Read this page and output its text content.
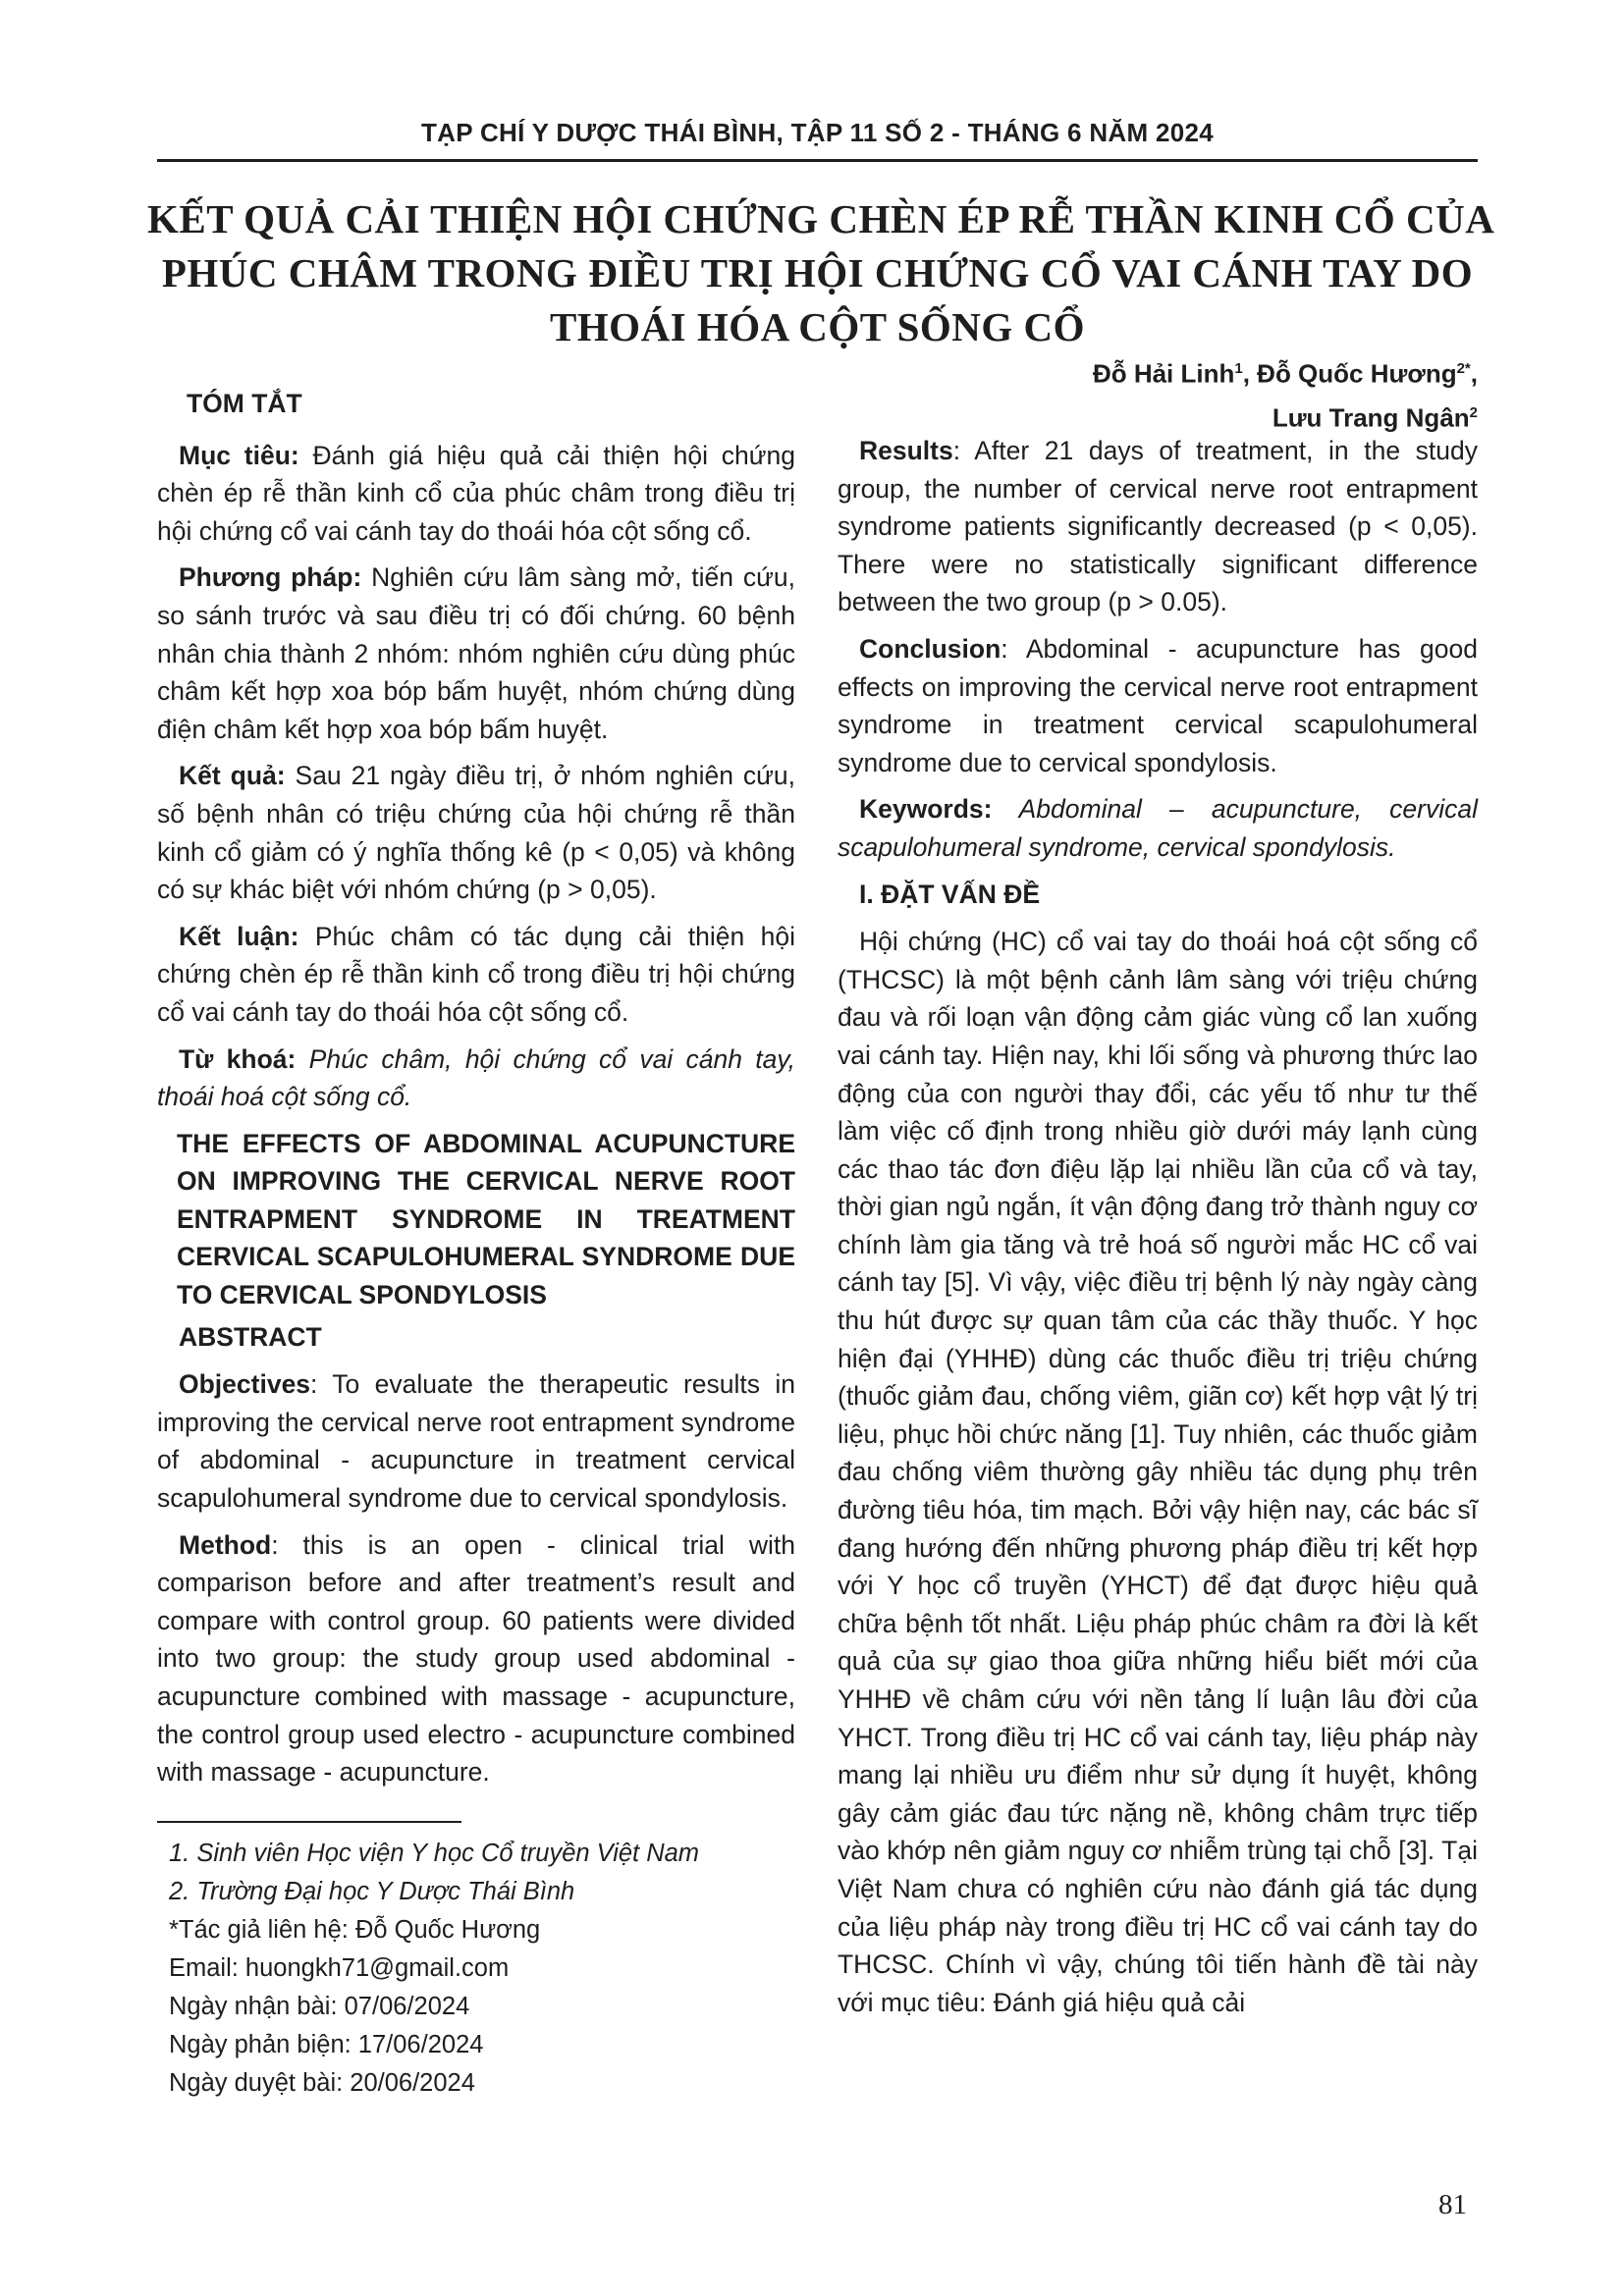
TẠP CHÍ Y DƯỢC THÁI BÌNH, TẬP 11 SỐ 2 - THÁNG 6 NĂM 2024
KẾT QUẢ CẢI THIỆN HỘI CHỨNG CHÈN ÉP RỄ THẦN KINH CỔ CỦA
PHÚC CHÂM TRONG ĐIỀU TRỊ HỘI CHỨNG CỔ VAI CÁNH TAY DO
THOÁI HÓA CỘT SỐNG CỔ
Đỗ Hải Linh$^1$, Đỗ Quốc Hương$^{2*}$,
Lưu Trang Ngân$^2$
TÓM TẮT

Mục tiêu: Đánh giá hiệu quả cải thiện hội chứng chèn ép rễ thần kinh cổ của phúc châm trong điều trị hội chứng cổ vai cánh tay do thoái hóa cột sống cổ.

Phương pháp: Nghiên cứu lâm sàng mở, tiến cứu, so sánh trước và sau điều trị có đối chứng. 60 bệnh nhân chia thành 2 nhóm: nhóm nghiên cứu dùng phúc châm kết hợp xoa bóp bấm huyệt, nhóm chứng dùng điện châm kết hợp xoa bóp bấm huyệt.

Kết quả: Sau 21 ngày điều trị, ở nhóm nghiên cứu, số bệnh nhân có triệu chứng của hội chứng rễ thần kinh cổ giảm có ý nghĩa thống kê (p < 0,05) và không có sự khác biệt với nhóm chứng (p > 0,05).

Kết luận: Phúc châm có tác dụng cải thiện hội chứng chèn ép rễ thần kinh cổ trong điều trị hội chứng cổ vai cánh tay do thoái hóa cột sống cổ.

Từ khoá: Phúc châm, hội chứng cổ vai cánh tay, thoái hoá cột sống cổ.

THE EFFECTS OF ABDOMINAL ACUPUNCTURE ON IMPROVING THE CERVICAL NERVE ROOT ENTRAPMENT SYNDROME IN TREATMENT CERVICAL SCAPULOHUMERAL SYNDROME DUE TO CERVICAL SPONDYLOSIS
ABSTRACT

Objectives: To evaluate the therapeutic results in improving the cervical nerve root entrapment syndrome of abdominal - acupuncture in treatment cervical scapulohumeral syndrome due to cervical spondylosis.

Method: this is an open - clinical trial with comparison before and after treatment’s result and compare with control group. 60 patients were divided into two group: the study group used abdominal - acupuncture combined with massage - acupuncture, the control group used electro - acupuncture combined with massage - acupuncture.

1. Sinh viên Học viện Y học Cổ truyền Việt Nam
2. Trường Đại học Y Dược Thái Bình
*Tác giả liên hệ: Đỗ Quốc Hương
Email: huongkh71@gmail.com
Ngày nhận bài: 07/06/2024
Ngày phản biện: 17/06/2024
Ngày duyệt bài: 20/06/2024

Results: After 21 days of treatment, in the study group, the number of cervical nerve root entrapment syndrome patients significantly decreased (p < 0,05). There were no statistically significant difference between the two group (p > 0.05).

Conclusion: Abdominal - acupuncture has good effects on improving the cervical nerve root entrapment syndrome in treatment cervical scapulohumeral syndrome due to cervical spondylosis.

Keywords: Abdominal – acupuncture, cervical scapulohumeral syndrome, cervical spondylosis.

I. ĐẶT VẤN ĐỀ

Hội chứng (HC) cổ vai tay do thoái hoá cột sống cổ (THCSC) là một bệnh cảnh lâm sàng với triệu chứng đau và rối loạn vận động cảm giác vùng cổ lan xuống vai cánh tay. Hiện nay, khi lối sống và phương thức lao động của con người thay đổi, các yếu tố như tư thế làm việc cố định trong nhiều giờ dưới máy lạnh cùng các thao tác đơn điệu lặp lại nhiều lần của cổ và tay, thời gian ngủ ngắn, ít vận động đang trở thành nguy cơ chính làm gia tăng và trẻ hoá số người mắc HC cổ vai cánh tay [5]. Vì vậy, việc điều trị bệnh lý này ngày càng thu hút được sự quan tâm của các thầy thuốc. Y học hiện đại (YHHĐ) dùng các thuốc điều trị triệu chứng (thuốc giảm đau, chống viêm, giãn cơ) kết hợp vật lý trị liệu, phục hồi chức năng [1]. Tuy nhiên, các thuốc giảm đau chống viêm thường gây nhiều tác dụng phụ trên đường tiêu hóa, tim mạch. Bởi vậy hiện nay, các bác sĩ đang hướng đến những phương pháp điều trị kết hợp với Y học cổ truyền (YHCT) để đạt được hiệu quả chữa bệnh tốt nhất. Liệu pháp phúc châm ra đời là kết quả của sự giao thoa giữa những hiểu biết mới của YHHĐ về châm cứu với nền tảng lí luận lâu đời của YHCT. Trong điều trị HC cổ vai cánh tay, liệu pháp này mang lại nhiều ưu điểm như sử dụng ít huyệt, không gây cảm giác đau tức nặng nề, không châm trực tiếp vào khớp nên giảm nguy cơ nhiễm trùng tại chỗ [3]. Tại Việt Nam chưa có nghiên cứu nào đánh giá tác dụng của liệu pháp này trong điều trị HC cổ vai cánh tay do THCSC. Chính vì vậy, chúng tôi tiến hành đề tài này với mục tiêu: Đánh giá hiệu quả cải

81
